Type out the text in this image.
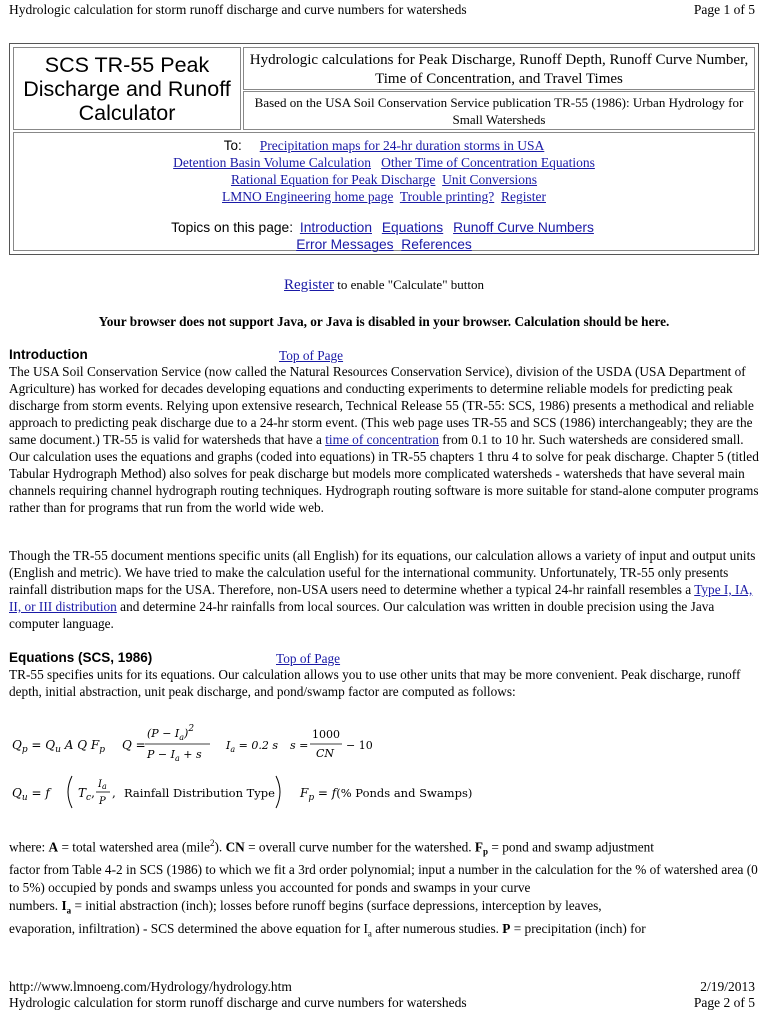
Hydrologic calculation for storm runoff discharge and curve numbers for watersheds	Page 1 of 5
SCS TR-55 Peak Discharge and Runoff Calculator
Hydrologic calculations for Peak Discharge, Runoff Depth, Runoff Curve Number, Time of Concentration, and Travel Times
Based on the USA Soil Conservation Service publication TR-55 (1986): Urban Hydrology for Small Watersheds
To: Precipitation maps for 24-hr duration storms in USA
Detention Basin Volume Calculation Other Time of Concentration Equations
Rational Equation for Peak Discharge Unit Conversions
LMNO Engineering home page Trouble printing? Register
Topics on this page: Introduction Equations Runoff Curve Numbers
Error Messages References
Register to enable "Calculate" button
Your browser does not support Java, or Java is disabled in your browser. Calculation should be here.
Introduction	Top of Page
The USA Soil Conservation Service (now called the Natural Resources Conservation Service), division of the USDA (USA Department of Agriculture) has worked for decades developing equations and conducting experiments to determine reliable models for predicting peak discharge from storm events. Relying upon extensive research, Technical Release 55 (TR-55: SCS, 1986) presents a methodical and reliable approach to predicting peak discharge due to a 24-hr storm event. (This web page uses TR-55 and SCS (1986) interchangeably; they are the same document.) TR-55 is valid for watersheds that have a time of concentration from 0.1 to 10 hr. Such watersheds are considered small. Our calculation uses the equations and graphs (coded into equations) in TR-55 chapters 1 thru 4 to solve for peak discharge. Chapter 5 (titled Tabular Hydrograph Method) also solves for peak discharge but models more complicated watersheds - watersheds that have several main channels requiring channel hydrograph routing techniques. Hydrograph routing software is more suitable for stand-alone computer programs rather than for programs that run from the world wide web.
Though the TR-55 document mentions specific units (all English) for its equations, our calculation allows a variety of input and output units (English and metric). We have tried to make the calculation useful for the international community. Unfortunately, TR-55 only presents rainfall distribution maps for the USA. Therefore, non-USA users need to determine whether a typical 24-hr rainfall resembles a Type I, IA, II, or III distribution and determine 24-hr rainfalls from local sources. Our calculation was written in double precision using the Java computer language.
Equations (SCS, 1986)	Top of Page
TR-55 specifies units for its equations. Our calculation allows you to use other units that may be more convenient. Peak discharge, runoff depth, initial abstraction, unit peak discharge, and pond/swamp factor are computed as follows:
$Q_p = Q_u$ A Q $F_p$ Q =
$(P - I_a)^2$
$P - I_a + s$
$I_a = 0.2$ s s =
1000
CN
− 10
$Q_u = f$ $T_c$,
$I_a$
P
, Rainfall Distribution Type $F_p = f(\%$ Ponds and Swamps)
where: A = total watershed area (mile$^2$). CN = overall curve number for the watershed. $F_p$ = pond and swamp adjustment
factor from Table 4-2 in SCS (1986) to which we fit a 3rd order polynomial; input a number in the calculation for the % of watershed area (0 to 5%) occupied by ponds and swamps unless you accounted for ponds and swamps in your curve
numbers. $I_a$ = initial abstraction (inch); losses before runoff begins (surface depressions, interception by leaves,
evaporation, infiltration) - SCS determined the above equation for $I_a$ after numerous studies. P = precipitation (inch) for
http://www.lmnoeng.com/Hydrology/hydrology.htm	2/19/2013
Hydrologic calculation for storm runoff discharge and curve numbers for watersheds	Page 2 of 5
